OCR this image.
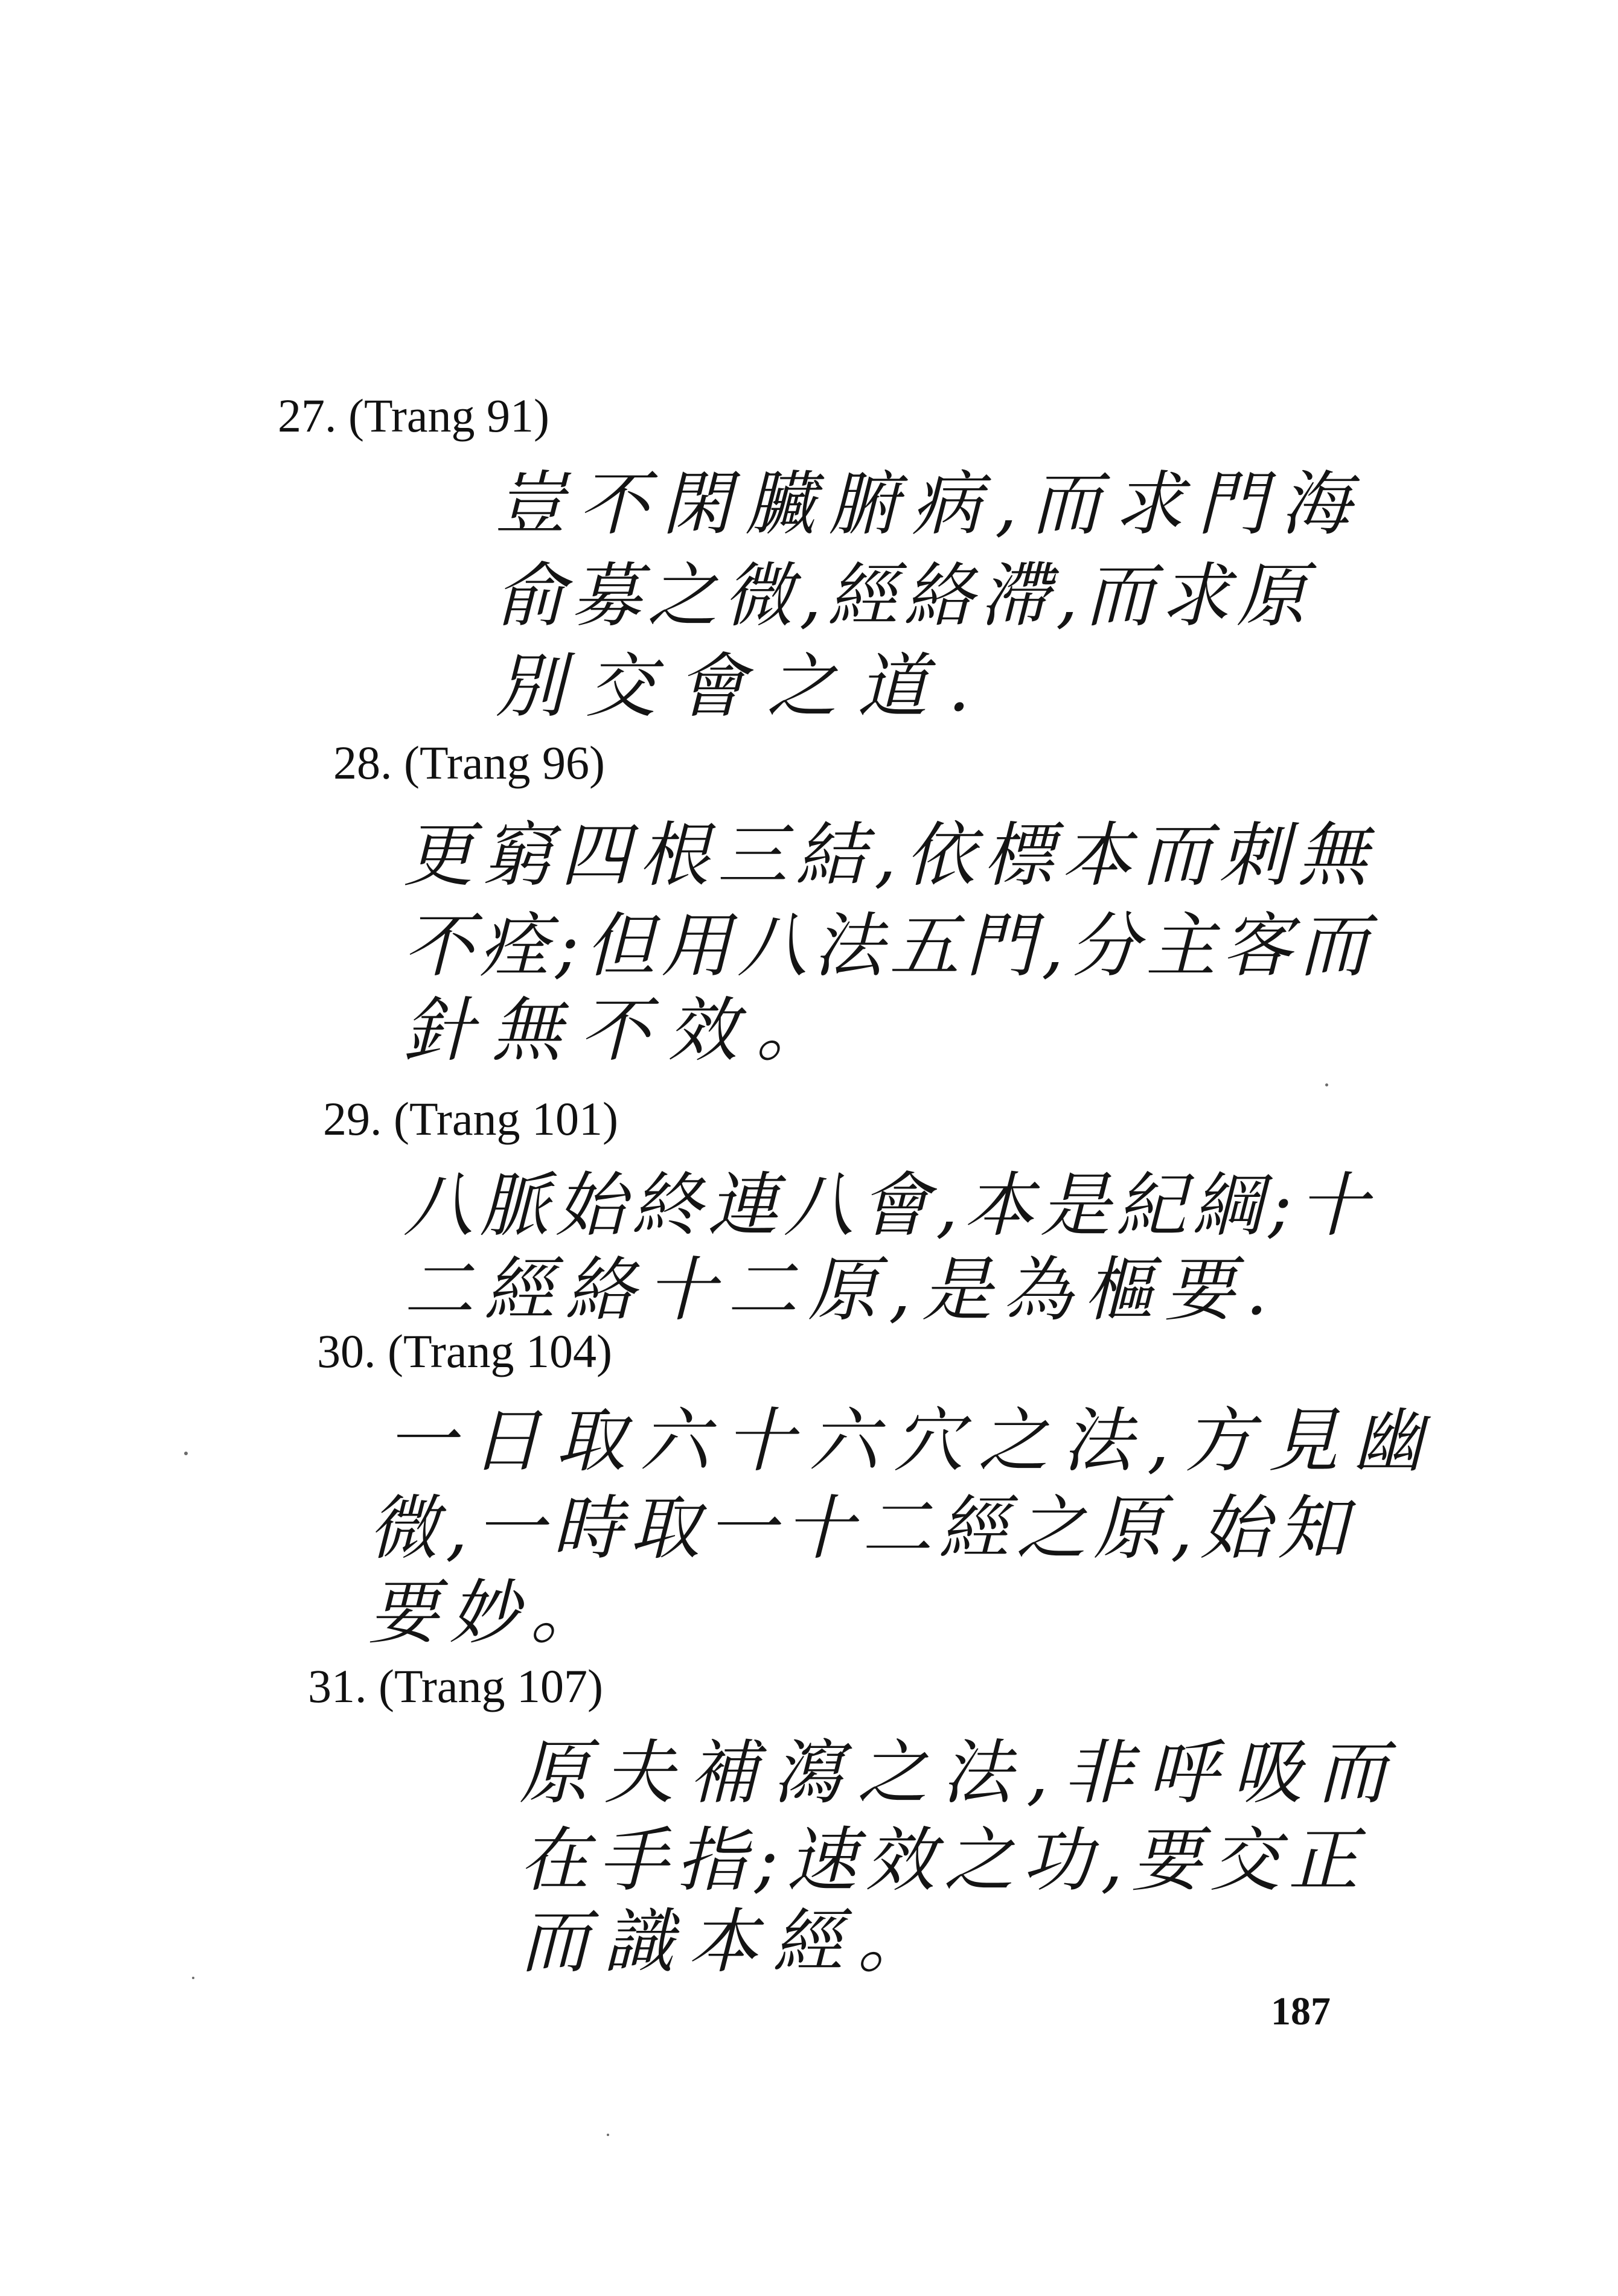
27. (Trang 91)
豈不閑臟腑病,而求門海
俞募之微,經絡滯,而求原
別交會之道.
28. (Trang 96)
更窮四根三結,依標本而刺無
不痊;但用八法五門,分主客而
針無不效。
29. (Trang 101)
八脈始終連八會,本是紀綱;十
二經絡十二原,是為樞要.
30. (Trang 104)
一日取六十六穴之法,方見幽
微,一時取一十二經之原,始知
要妙。
31. (Trang 107)
原夫補瀉之法,非呼吸而
在手指;速效之功,要交正
而識本經。
187
